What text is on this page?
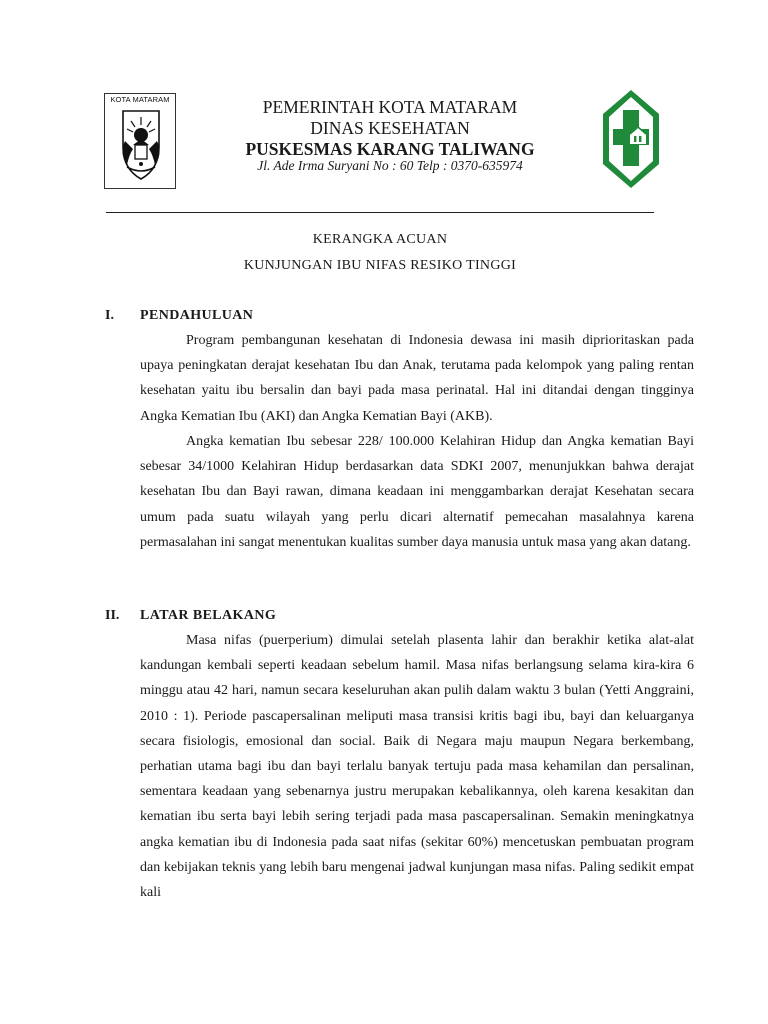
KOTA MATARAM	PEMERINTAH KOTA MATARAM
DINAS KESEHATAN
PUSKESMAS KARANG TALIWANG
Jl. Ade Irma Suryani No : 60 Telp : 0370-635974
KERANGKA ACUAN
KUNJUNGAN IBU NIFAS RESIKO TINGGI
I. PENDAHULUAN

Program pembangunan kesehatan di Indonesia dewasa ini masih diprioritaskan pada upaya peningkatan derajat kesehatan Ibu dan Anak, terutama pada kelompok yang paling rentan kesehatan yaitu ibu bersalin dan bayi pada masa perinatal. Hal ini ditandai dengan tingginya Angka Kematian Ibu (AKI) dan Angka Kematian Bayi (AKB).

Angka kematian Ibu sebesar 228/ 100.000 Kelahiran Hidup dan Angka kematian Bayi sebesar 34/1000 Kelahiran Hidup berdasarkan data SDKI 2007, menunjukkan bahwa derajat kesehatan Ibu dan Bayi rawan, dimana keadaan ini menggambarkan derajat Kesehatan secara umum pada suatu wilayah yang perlu dicari alternatif pemecahan masalahnya karena permasalahan ini sangat menentukan kualitas sumber daya manusia untuk masa yang akan datang.

II. LATAR BELAKANG

Masa nifas (puerperium) dimulai setelah plasenta lahir dan berakhir ketika alat-alat kandungan kembali seperti keadaan sebelum hamil. Masa nifas berlangsung selama kira-kira 6 minggu atau 42 hari, namun secara keseluruhan akan pulih dalam waktu 3 bulan (Yetti Anggraini, 2010 : 1). Periode pascapersalinan meliputi masa transisi kritis bagi ibu, bayi dan keluarganya secara fisiologis, emosional dan social. Baik di Negara maju maupun Negara berkembang, perhatian utama bagi ibu dan bayi terlalu banyak tertuju pada masa kehamilan dan persalinan, sementara keadaan yang sebenarnya justru merupakan kebalikannya, oleh karena kesakitan dan kematian ibu serta bayi lebih sering terjadi pada masa pascapersalinan. Semakin meningkatnya angka kematian ibu di Indonesia pada saat nifas (sekitar 60%) mencetuskan pembuatan program dan kebijakan teknis yang lebih baru mengenai jadwal kunjungan masa nifas. Paling sedikit empat kali
